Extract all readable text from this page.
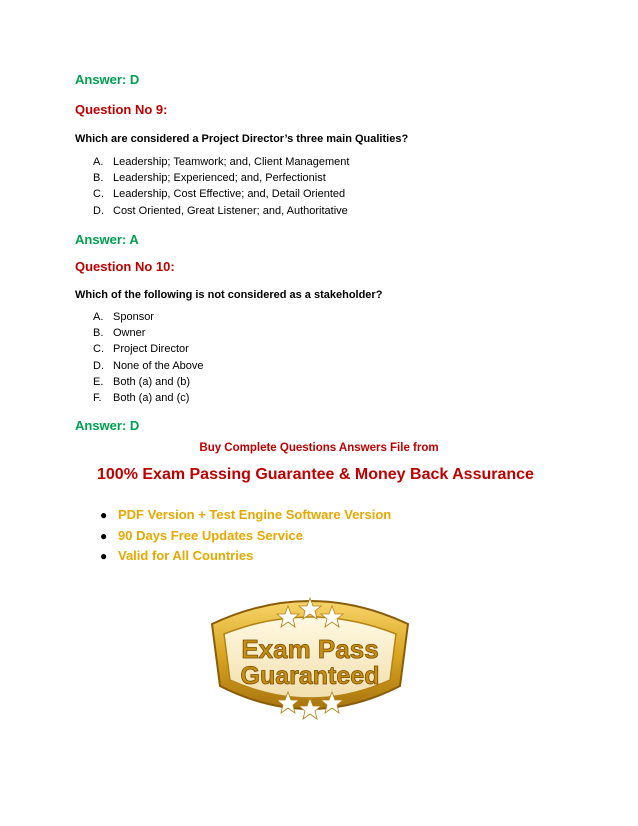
Answer: D
Question No 9:
Which are considered a Project Director’s three main Qualities?
A. Leadership; Teamwork; and, Client Management
B. Leadership; Experienced; and, Perfectionist
C. Leadership, Cost Effective; and, Detail Oriented
D. Cost Oriented, Great Listener; and, Authoritative
Answer: A
Question No 10:
Which of the following is not considered as a stakeholder?
A. Sponsor
B. Owner
C. Project Director
D. None of the Above
E. Both (a) and (b)
F. Both (a) and (c)
Answer: D
Buy Complete Questions Answers File from
100% Exam Passing Guarantee & Money Back Assurance
● PDF Version + Test Engine Software Version
● 90 Days Free Updates Service
● Valid for All Countries
Exam Pass
Guaranteed
